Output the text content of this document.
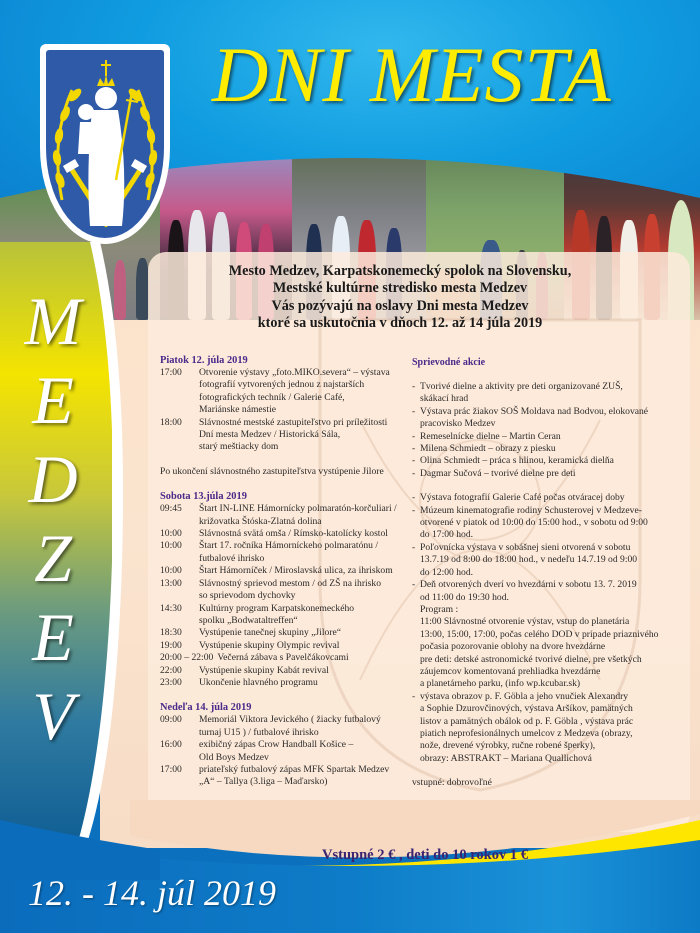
DNI MESTA
M
E
D
Z
E
V
Mesto Medzev, Karpatskonemecký spolok na Slovensku,
Mestské kultúrne stredisko mesta Medzev
Vás pozývajú na oslavy Dni mesta Medzev
ktoré sa uskutočnia v dňoch 12. až 14 júla 2019
Piatok 12. júla 2019
17:00	Otvorenie výstavy „foto.MIKO.severa“ – výstava
fotografií vytvorených jednou z najstarších
fotografických techník / Galerie Café,
Mariánske námestie
18:00	Slávnostné mestské zastupiteľstvo pri príležitosti
Dní mesta Medzev / Historická Sála,
starý meštiacky dom
Po ukončení slávnostného zastupiteľstva vystúpenie Jilore
Sobota 13.júla 2019
09:45	Štart IN-LINE Hámornícky polmaratón-korčuliari /
križovatka Štóska-Zlatná dolina
10:00	Slávnostná svätá omša / Rímsko-katolícky kostol
10:00	Štart 17. ročníka Hámorníckeho polmaratónu /
futbalové ihrisko
10:00	Štart Hámorníček / Miroslavská ulica, za ihriskom
13:00	Slávnostný sprievod mestom / od ZŠ na ihrisko
so sprievodom dychovky
14:30	Kultúrny program Karpatskonemeckého
spolku „Bodwataltreffen“
18:30	Vystúpenie tanečnej skupiny „Jilore“
19:00	Vystúpenie skupiny Olympic revival
20:00 – 22:00 Večerná zábava s Pavelčákovcami
22:00	Vystúpenie skupiny Kabát revival
23:00	Ukončenie hlavného programu
Nedeľa 14. júla 2019
09:00	Memoriál Viktora Jevického ( žiacky futbalový
turnaj U15 ) / futbalové ihrisko
16:00	exibičný zápas Crow Handball Košice –
Old Boys Medzev
17:00	priateľský futbalový zápas MFK Spartak Medzev
„A“ – Tallya (3.liga – Maďarsko)
Sprievodné akcie
- Tvorivé dielne a aktivity pre deti organizované ZUŠ,
skákací hrad
- Výstava prác žiakov SOŠ Moldava nad Bodvou, elokované
pracovisko Medzev
- Remeselnícke dielne – Martin Ceran
- Milena Schmiedt – obrazy z piesku
- Olina Schmiedt – práca s hlinou, keramická dielňa
- Dagmar Sučová – tvorivé dielne pre deti
- Výstava fotografií Galerie Café počas otváracej doby
- Múzeum kinematografie rodiny Schusterovej v Medzeve-
otvorené v piatok od 10:00 do 15:00 hod., v sobotu od 9:00
do 17:00 hod.
- Poľovnícka výstava v sobášnej sieni otvorená v sobotu
13.7.19 od 8:00 do 18:00 hod., v nedeľu 14.7.19 od 9:00
do 12:00 hod.
- Deň otvorených dverí vo hvezdárni v sobotu 13. 7. 2019
od 11:00 do 19:30 hod.
Program :
11:00 Slávnostné otvorenie výstav, vstup do planetária
13:00, 15:00, 17:00, počas celého DOD v prípade priaznivého
počasia pozorovanie oblohy na dvore hvezdárne
pre deti: detské astronomické tvorivé dielne, pre všetkých
záujemcov komentovaná prehliadka hvezdárne
a planetárneho parku, (info wp.kcubar.sk)
- výstava obrazov p. F. Göbla a jeho vnučiek Alexandry
a Sophie Dzurovčinových, výstava Aršíkov, pamätných
listov a pamätných obálok od p. F. Göbla , výstava prác
piatich neprofesionálnych umelcov z Medzeva (obrazy,
nože, drevené výrobky, ručne robené šperky),
obrazy: ABSTRAKT – Mariana Quallichová
vstupné: dobrovoľné
Vstupné 2 € , deti do 10 rokov 1 €
12. - 14. júl 2019
